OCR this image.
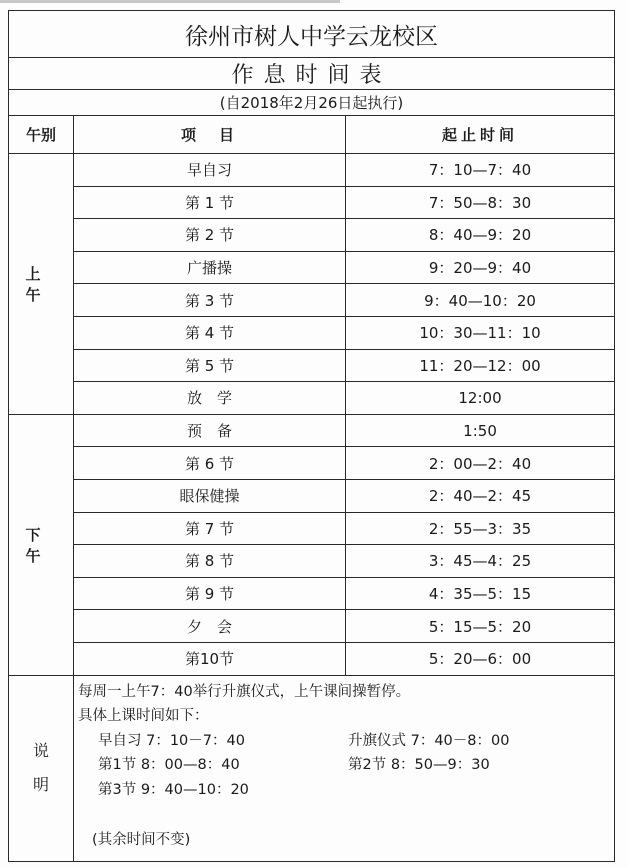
徐州市树人中学云龙校区		
作息时间表		
(自2018年2月26日起执行)		
午别	项　目	起止时间
上午	早自习	7：10—7：40
	第 1 节	7：50—8：30
	第 2 节	8：40—9：20
	广播操	9：20—9：40
	第 3 节	9：40—10：20
	第 4 节	10：30—11：10
	第 5 节	11：20—12：00
	放　学	12:00
下午	预　备	1:50
	第 6 节	2：00—2：40
	眼保健操	2：40—2：45
	第 7 节	2：55—3：35
	第 8 节	3：45—4：25
	第 9 节	4：35—5：15
	夕　会	5：15—5：20
	第10节	5：20—6：00

说
明

每周一上午7：40举行升旗仪式，上午课间操暂停。
具体上课时间如下：
早自习 7：10－7：40	升旗仪式 7：40－8：00
第1节 8：00—8：40	第2节 8：50—9：30
第3节 9：40—10：20
(其余时间不变)
